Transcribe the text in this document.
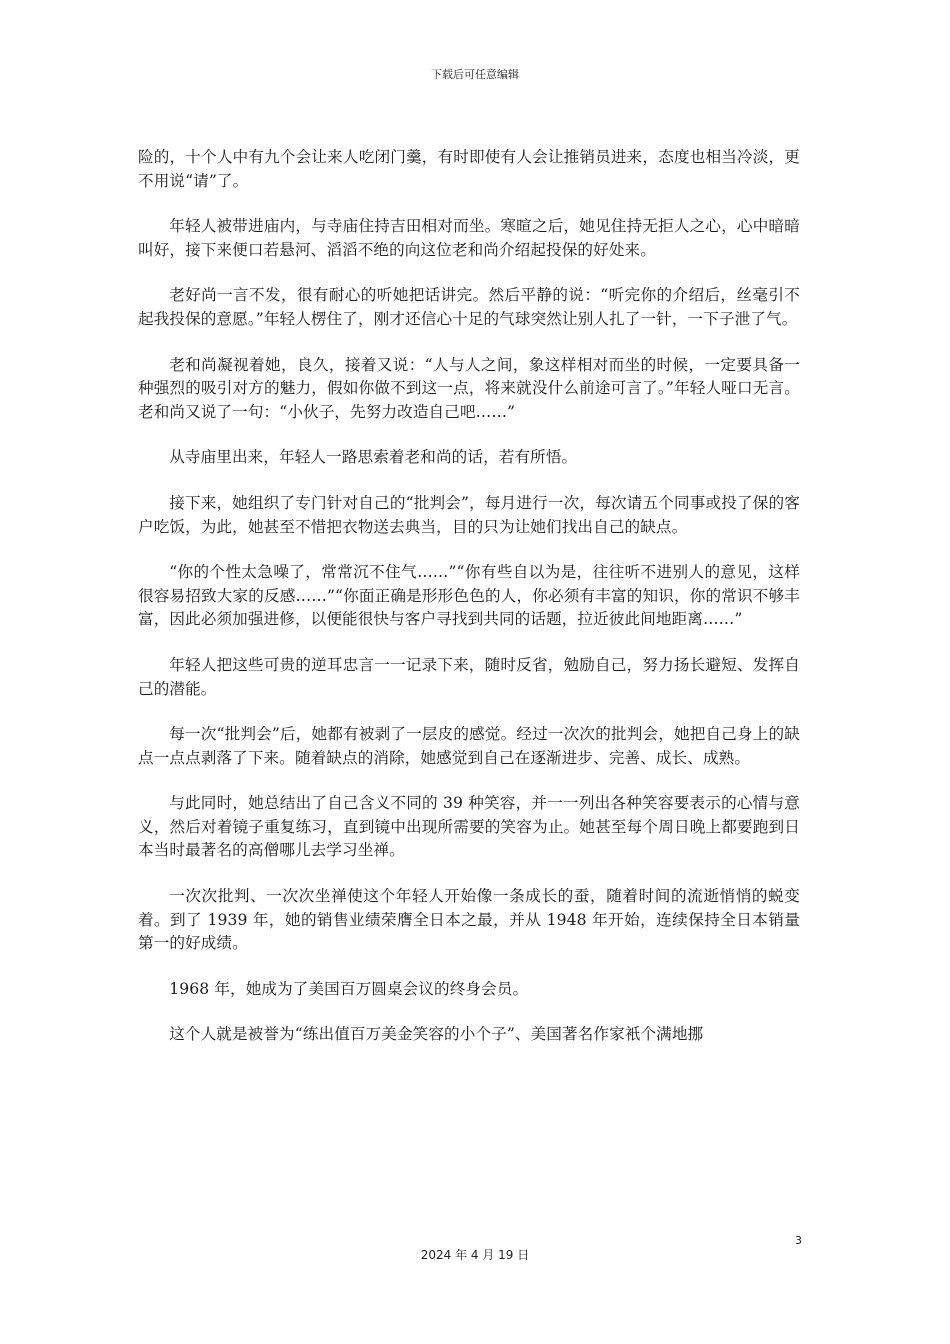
下载后可任意编辑

险的，十个人中有九个会让来人吃闭门羹，有时即使有人会让推销员进来，态度也相当冷淡，更不用说“请”了。

年轻人被带进庙内，与寺庙住持吉田相对而坐。寒暄之后，她见住持无拒人之心，心中暗暗叫好，接下来便口若悬河、滔滔不绝的向这位老和尚介绍起投保的好处来。

老好尚一言不发，很有耐心的听她把话讲完。然后平静的说：“听完你的介绍后，丝毫引不起我投保的意愿。”年轻人楞住了，刚才还信心十足的气球突然让别人扎了一针，一下子泄了气。

老和尚凝视着她，良久，接着又说：“人与人之间，象这样相对而坐的时候，一定要具备一种强烈的吸引对方的魅力，假如你做不到这一点，将来就没什么前途可言了。”年轻人哑口无言。老和尚又说了一句：“小伙子，先努力改造自己吧……”

从寺庙里出来，年轻人一路思索着老和尚的话，若有所悟。

接下来，她组织了专门针对自己的“批判会”，每月进行一次，每次请五个同事或投了保的客户吃饭，为此，她甚至不惜把衣物送去典当，目的只为让她们找出自己的缺点。

“你的个性太急噪了，常常沉不住气……”“你有些自以为是，往往听不进别人的意见，这样很容易招致大家的反感……”“你面正确是形形色色的人，你必须有丰富的知识，你的常识不够丰富，因此必须加强进修，以便能很快与客户寻找到共同的话题，拉近彼此间地距离……”

年轻人把这些可贵的逆耳忠言一一记录下来，随时反省，勉励自己，努力扬长避短、发挥自己的潜能。

每一次“批判会”后，她都有被剥了一层皮的感觉。经过一次次的批判会，她把自己身上的缺点一点点剥落了下来。随着缺点的消除，她感觉到自己在逐渐进步、完善、成长、成熟。

与此同时，她总结出了自己含义不同的 39 种笑容，并一一列出各种笑容要表示的心情与意义，然后对着镜子重复练习，直到镜中出现所需要的笑容为止。她甚至每个周日晚上都要跑到日本当时最著名的高僧哪儿去学习坐禅。

一次次批判、一次次坐禅使这个年轻人开始像一条成长的蚕，随着时间的流逝悄悄的蜕变着。到了 1939 年，她的销售业绩荣膺全日本之最，并从 1948 年开始，连续保持全日本销量第一的好成绩。

1968 年，她成为了美国百万圆桌会议的终身会员。

这个人就是被誉为“练出值百万美金笑容的小个子”、美国著名作家衹个满地挪

3
2024 年 4 月 19 日
